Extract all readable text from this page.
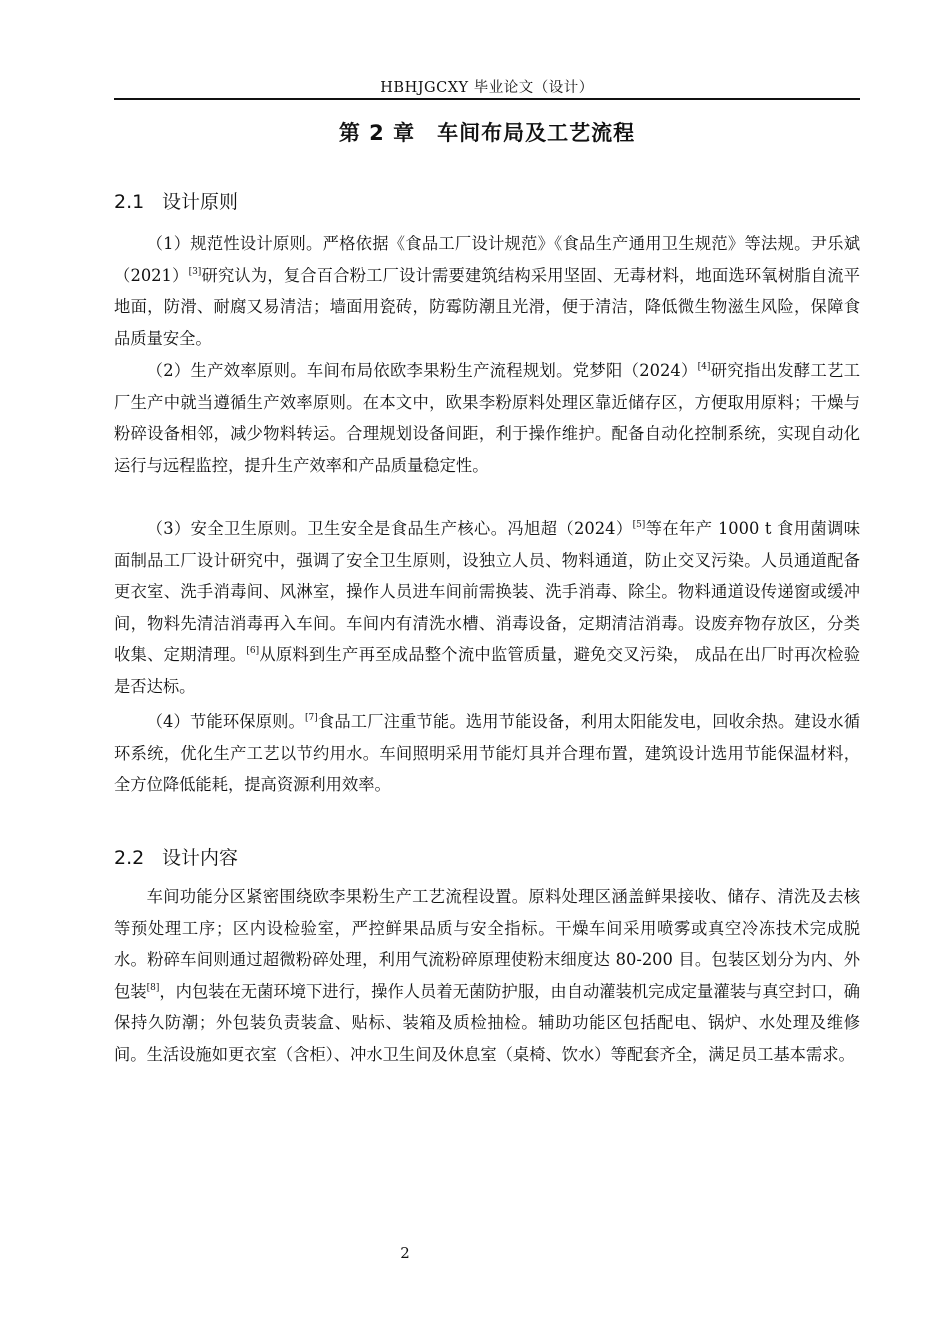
HBHJGCXY 毕业论文（设计）
第 2 章　车间布局及工艺流程
2.1 设计原则

（1）规范性设计原则。严格依据《食品工厂设计规范》《食品生产通用卫生规范》等法规。尹乐斌（2021）[3]研究认为，复合百合粉工厂设计需要建筑结构采用坚固、无毒材料，地面选环氧树脂自流平地面，防滑、耐腐又易清洁；墙面用瓷砖，防霉防潮且光滑，便于清洁，降低微生物滋生风险，保障食品质量安全。

（2）生产效率原则。车间布局依欧李果粉生产流程规划。党梦阳（2024）[4]研究指出发酵工艺工厂生产中就当遵循生产效率原则。在本文中，欧果李粉原料处理区靠近储存区，方便取用原料；干燥与粉碎设备相邻，减少物料转运。合理规划设备间距，利于操作维护。配备自动化控制系统，实现自动化运行与远程监控，提升生产效率和产品质量稳定性。

（3）安全卫生原则。卫生安全是食品生产核心。冯旭超（2024）[5]等在年产 1000 t 食用菌调味面制品工厂设计研究中，强调了安全卫生原则，设独立人员、物料通道，防止交叉污染。人员通道配备更衣室、洗手消毒间、风淋室，操作人员进车间前需换装、洗手消毒、除尘。物料通道设传递窗或缓冲间，物料先清洁消毒再入车间。车间内有清洗水槽、消毒设备，定期清洁消毒。设废弃物存放区，分类收集、定期清理。[6]从原料到生产再至成品整个流中监管质量，避免交叉污染， 成品在出厂时再次检验是否达标。

（4）节能环保原则。[7]食品工厂注重节能。选用节能设备，利用太阳能发电，回收余热。建设水循环系统，优化生产工艺以节约用水。车间照明采用节能灯具并合理布置，建筑设计选用节能保温材料，全方位降低能耗，提高资源利用效率。

2.2 设计内容

车间功能分区紧密围绕欧李果粉生产工艺流程设置。原料处理区涵盖鲜果接收、储存、清洗及去核等预处理工序；区内设检验室，严控鲜果品质与安全指标。干燥车间采用喷雾或真空冷冻技术完成脱水。粉碎车间则通过超微粉碎处理，利用气流粉碎原理使粉末细度达 80-200 目。包装区划分为内、外包装[8]，内包装在无菌环境下进行，操作人员着无菌防护服，由自动灌装机完成定量灌装与真空封口，确保持久防潮；外包装负责装盒、贴标、装箱及质检抽检。辅助功能区包括配电、锅炉、水处理及维修间。生活设施如更衣室（含柜）、冲水卫生间及休息室（桌椅、饮水）等配套齐全，满足员工基本需求。

2
